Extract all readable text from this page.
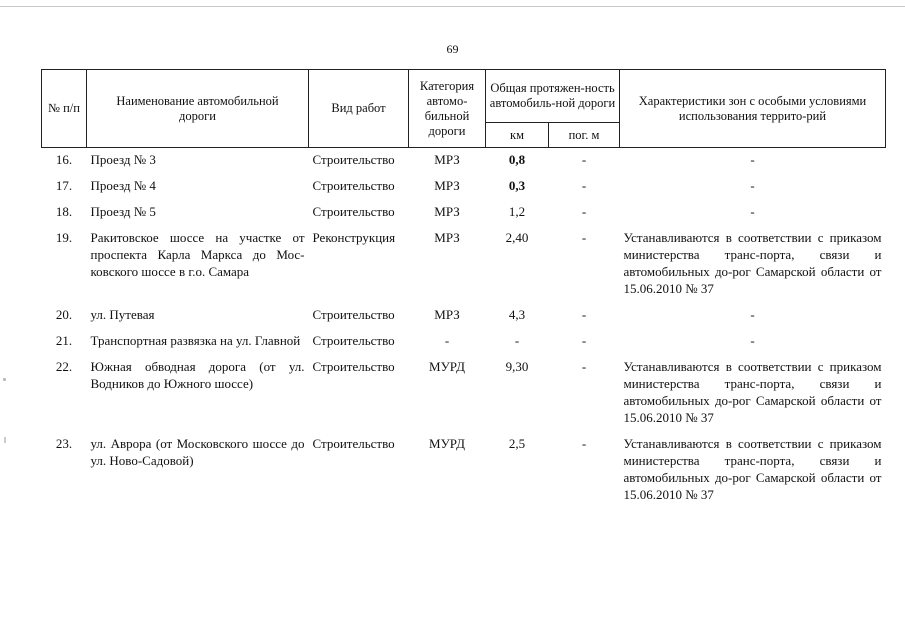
69
№ п/п	Наименование автомобильной дороги	Вид работ	Категория автомо-бильной дороги	Общая протяжен-ность автомобиль-ной дороги		Характеристики зон с особыми условиями использования террито-рий
				км	пог. м	
16.	Проезд № 3	Строительство	МРЗ	0,8	-	-
17.	Проезд № 4	Строительство	МРЗ	0,3	-	-
18.	Проезд № 5	Строительство	МРЗ	1,2	-	-
19.	Ракитовское шоссе на участке от проспекта Карла Маркса до Мос-ковского шоссе в г.о. Самара	Реконструкция	МРЗ	2,40	-	Устанавливаются в соответствии с приказом министерства транс-порта, связи и автомобильных до-рог Самарской области от 15.06.2010 № 37
20.	ул. Путевая	Строительство	МРЗ	4,3	-	-
21.	Транспортная развязка на ул. Главной	Строительство	-	-	-	-
22.	Южная обводная дорога (от ул. Водников до Южного шоссе)	Строительство	МУРД	9,30	-	Устанавливаются в соответствии с приказом министерства транс-порта, связи и автомобильных до-рог Самарской области от 15.06.2010 № 37
23.	ул. Аврора (от Московского шоссе до ул. Ново-Садовой)	Строительство	МУРД	2,5	-	Устанавливаются в соответствии с приказом министерства транс-порта, связи и автомобильных до-рог Самарской области от 15.06.2010 № 37
